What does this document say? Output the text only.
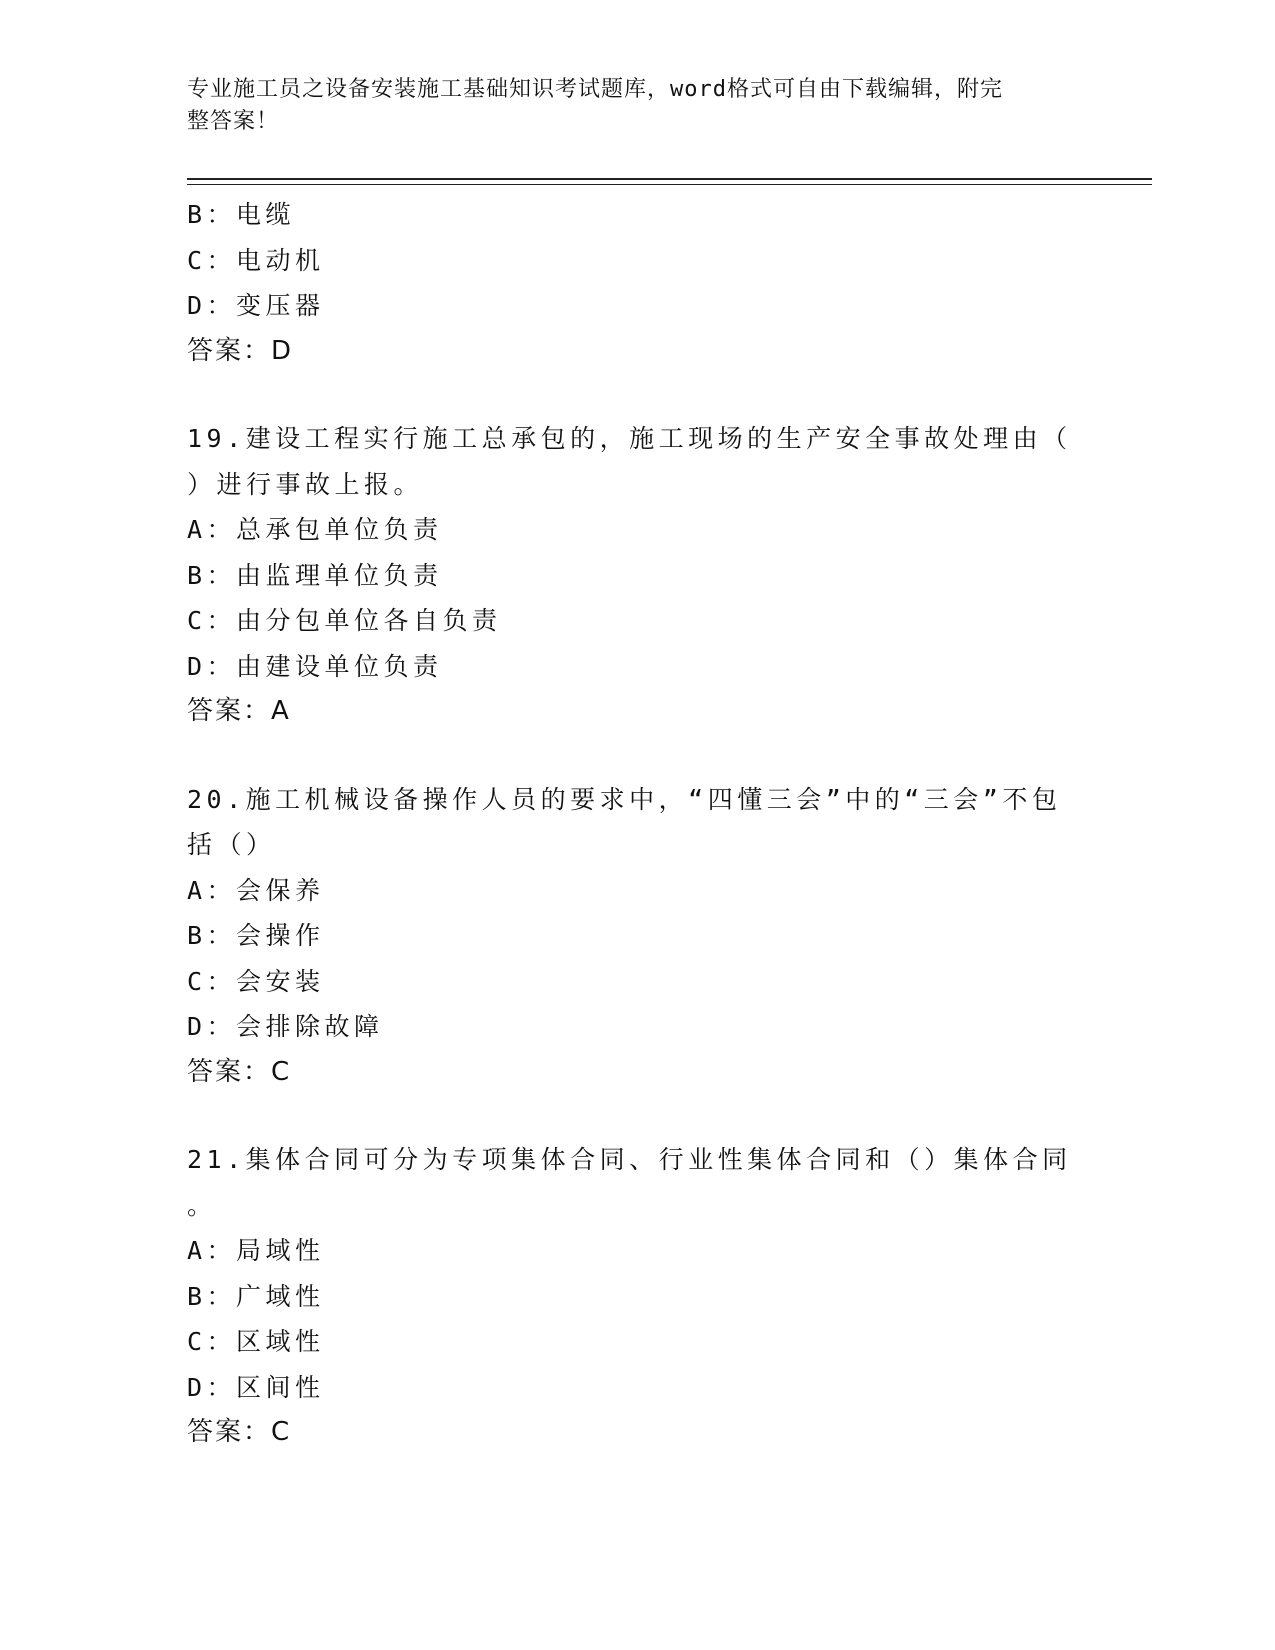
专业施工员之设备安装施工基础知识考试题库，word格式可自由下载编辑，附完
整答案！
B：电缆
C：电动机
D：变压器
答案：D
19.建设工程实行施工总承包的，施工现场的生产安全事故处理由（
）进行事故上报。
A：总承包单位负责
B：由监理单位负责
C：由分包单位各自负责
D：由建设单位负责
答案：A
20.施工机械设备操作人员的要求中，“四懂三会”中的“三会”不包
括（）
A：会保养
B：会操作
C：会安装
D：会排除故障
答案：C
21.集体合同可分为专项集体合同、行业性集体合同和（）集体合同
。
A：局域性
B：广域性
C：区域性
D：区间性
答案：C
